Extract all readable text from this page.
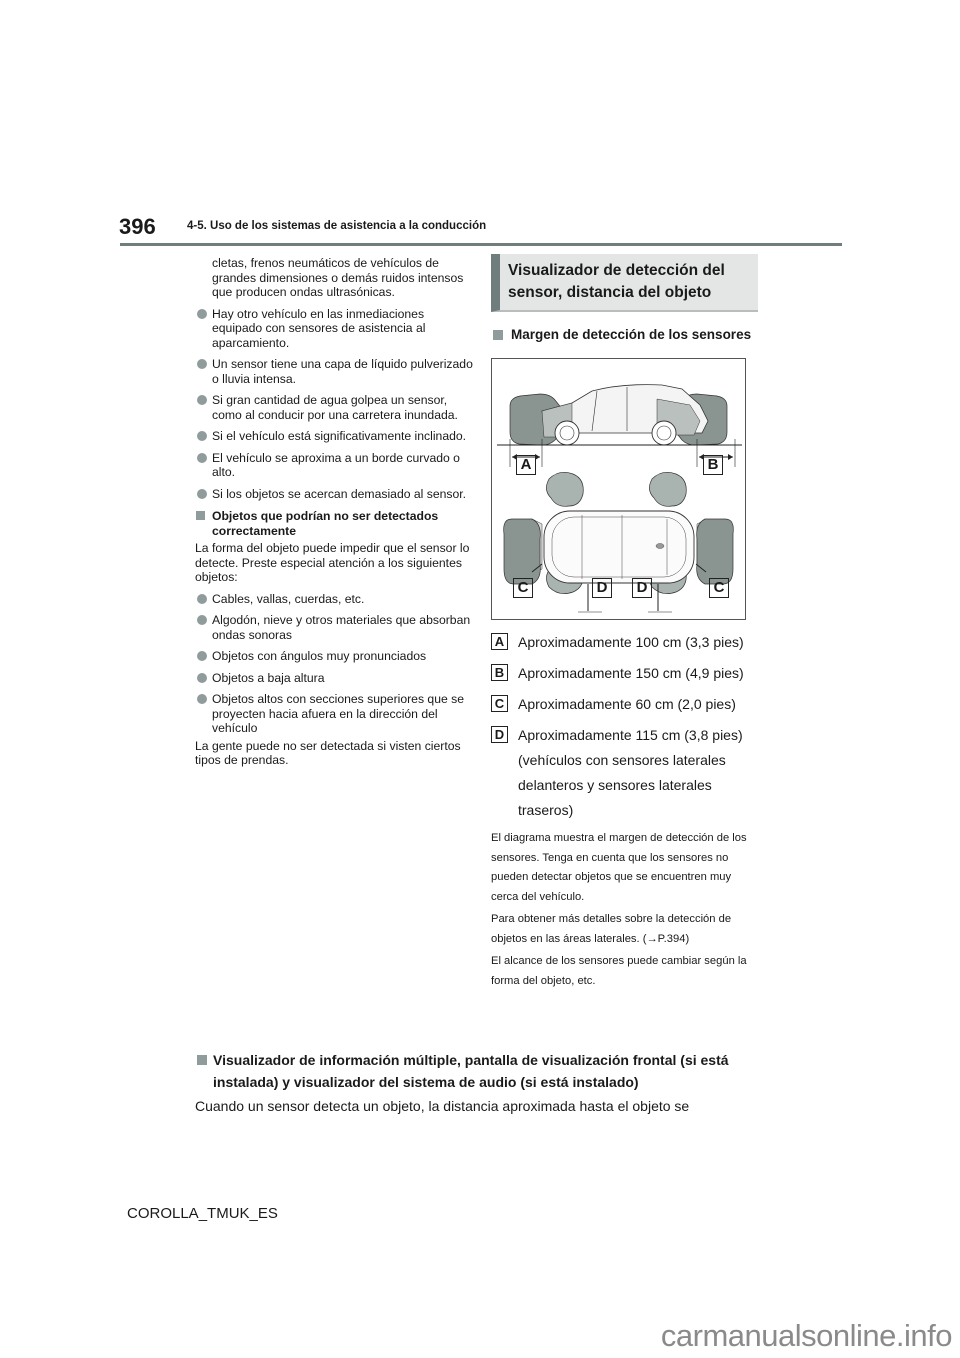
396	4-5. Uso de los sistemas de asistencia a la conducción

cletas, frenos neumáticos de vehículos de grandes dimensiones o demás ruidos intensos que producen ondas ultrasónicas.

Hay otro vehículo en las inmediaciones equipado con sensores de asistencia al aparcamiento.
Un sensor tiene una capa de líquido pulverizado o lluvia intensa.
Si gran cantidad de agua golpea un sensor, como al conducir por una carretera inundada.
Si el vehículo está significativamente inclinado.
El vehículo se aproxima a un borde curvado o alto.
Si los objetos se acercan demasiado al sensor.
Objetos que podrían no ser detectados correctamente

La forma del objeto puede impedir que el sensor lo detecte. Preste especial atención a los siguientes objetos:

Cables, vallas, cuerdas, etc.
Algodón, nieve y otros materiales que absorban ondas sonoras
Objetos con ángulos muy pronunciados
Objetos a baja altura
Objetos altos con secciones superiores que se proyecten hacia afuera en la dirección del vehículo

La gente puede no ser detectada si visten ciertos tipos de prendas.

Visualizador de detección del sensor, distancia del objeto
Margen de detección de los sensores
A	B
C	C
D	D
A Aproximadamente 100 cm (3,3 pies)
B Aproximadamente 150 cm (4,9 pies)
C Aproximadamente 60 cm (2,0 pies)
D Aproximadamente 115 cm (3,8 pies) (vehículos con sensores laterales delanteros y sensores laterales traseros)

El diagrama muestra el margen de detección de los sensores. Tenga en cuenta que los sensores no pueden detectar objetos que se encuentren muy cerca del vehículo.

Para obtener más detalles sobre la detección de objetos en las áreas laterales. (→P.394)

El alcance de los sensores puede cambiar según la forma del objeto, etc.

Visualizador de información múltiple, pantalla de visualización frontal (si está instalada) y visualizador del sistema de audio (si está instalado)

Cuando un sensor detecta un objeto, la distancia aproximada hasta el objeto se

COROLLA_TMUK_ES
carmanualsonline.info
